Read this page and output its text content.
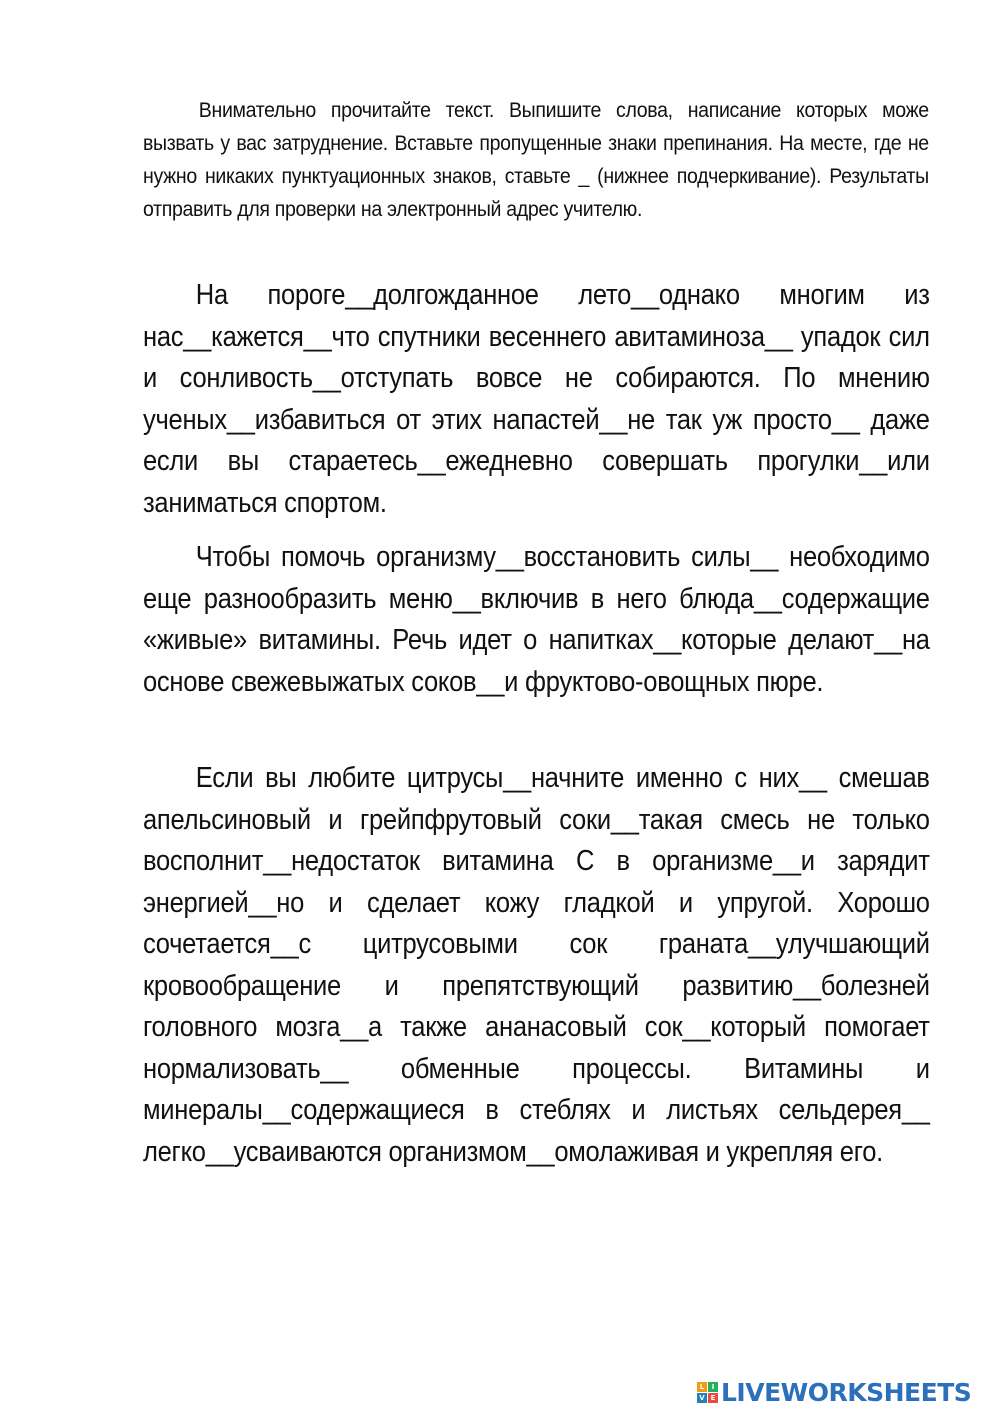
Внимательно прочитайте текст. Выпишите слова, написание которых може вызвать у вас затруднение. Вставьте пропущенные знаки препинания. На месте, где не нужно никаких пунктуационных знаков, ставьте _ (нижнее подчеркивание). Результаты отправить для проверки на электронный адрес учителю.

На пороге__долгожданное лето__однако многим из нас__кажется__что спутники весеннего авитаминоза__ упадок сил и сонливость__отступать вовсе не собираются. По мнению ученых__избавиться от этих напастей__не так уж просто__ даже если вы стараетесь__ежедневно совершать прогулки__или заниматься спортом.

Чтобы помочь организму__восстановить силы__ необходимо еще разнообразить меню__включив в него блюда__содержащие «живые» витамины. Речь идет о напитках__которые делают__на основе свежевыжатых соков__и фруктово-овощных пюре.

Если вы любите цитрусы__начните именно с них__ смешав апельсиновый и грейпфрутовый соки__такая смесь не только восполнит__недостаток витамина С в организме__и зарядит энергией__но и сделает кожу гладкой и упругой. Хорошо сочетается__с цитрусовыми сок граната__улучшающий кровообращение и препятствующий развитию__болезней головного мозга__а также ананасовый сок__который помогает нормализовать__ обменные процессы. Витамины и минералы__содержащиеся в стеблях и листьях сельдерея__ легко__усваиваются организмом__омолаживая и укрепляя его.

L	I
V E LIVEWORKSHEETS
